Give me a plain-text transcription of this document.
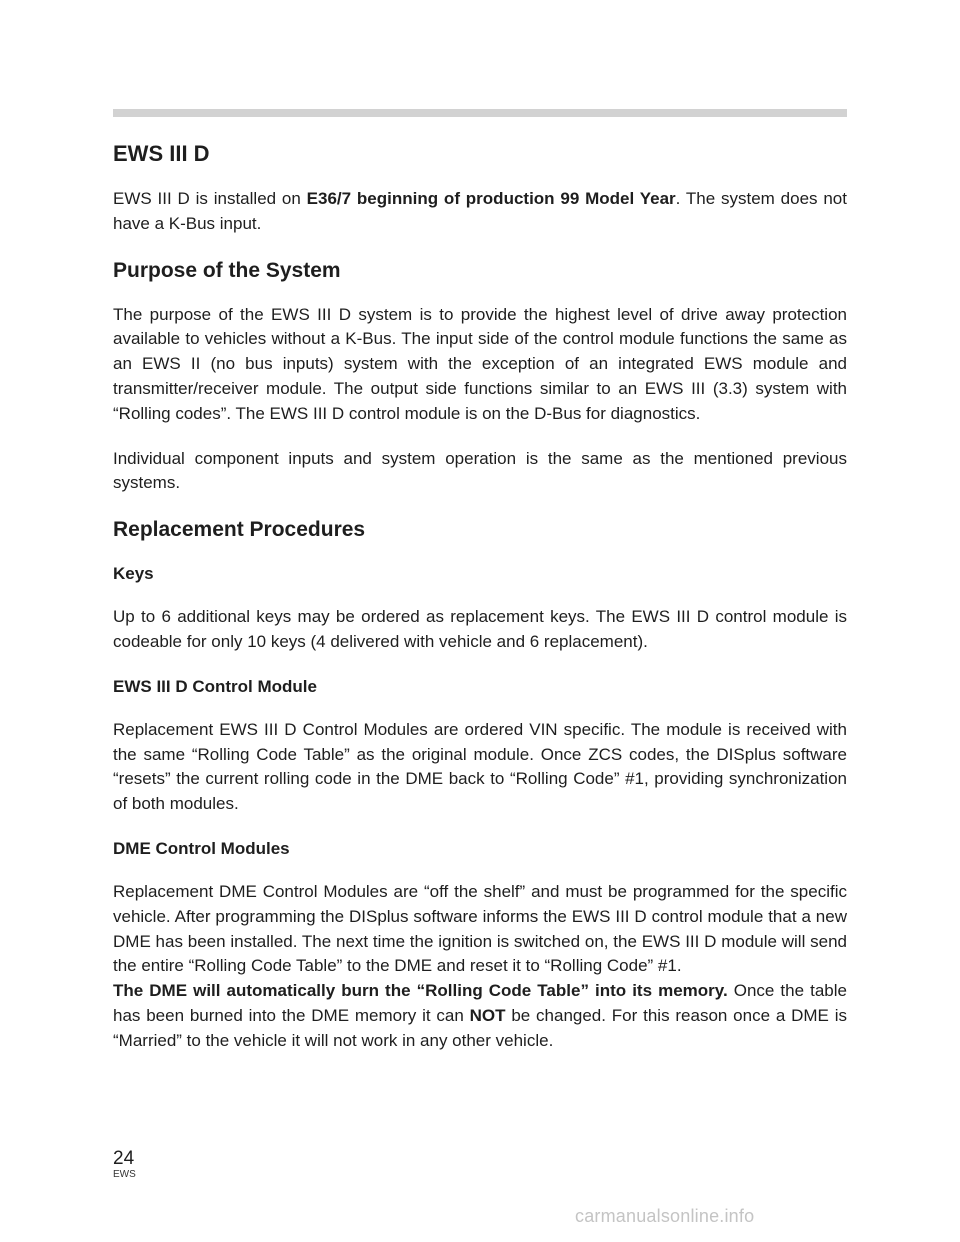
EWS III D

EWS III D is installed on E36/7 beginning of production 99 Model Year. The system does not have a K-Bus input.

Purpose of the System

The purpose of the EWS III D system is to provide the highest level of drive away protection available to vehicles without a K-Bus. The input side of the control module functions the same as an EWS II (no bus inputs) system with the exception of an integrated EWS module and transmitter/receiver module. The output side functions similar to an EWS III (3.3) system with “Rolling codes”. The EWS III D control module is on the D-Bus for diagnostics.

Individual component inputs and system operation is the same as the mentioned previous systems.

Replacement Procedures
Keys

Up to 6 additional keys may be ordered as replacement keys. The EWS III D control module is codeable for only 10 keys (4 delivered with vehicle and 6 replacement).

EWS III D Control Module

Replacement EWS III D Control Modules are ordered VIN specific. The module is received with the same “Rolling Code Table” as the original module. Once ZCS codes, the DISplus software “resets” the current rolling code in the DME back to “Rolling Code” #1, providing synchronization of both modules.

DME Control Modules

Replacement DME Control Modules are “off the shelf” and must be programmed for the specific vehicle. After programming the DISplus software informs the EWS III D control module that a new DME has been installed. The next time the ignition is switched on, the EWS III D module will send the entire “Rolling Code Table” to the DME and reset it to “Rolling Code” #1.

The DME will automatically burn the “Rolling Code Table” into its memory. Once the table has been burned into the DME memory it can NOT be changed. For this reason once a DME is “Married” to the vehicle it will not work in any other vehicle.

24
EWS
carmanualsonline.info
